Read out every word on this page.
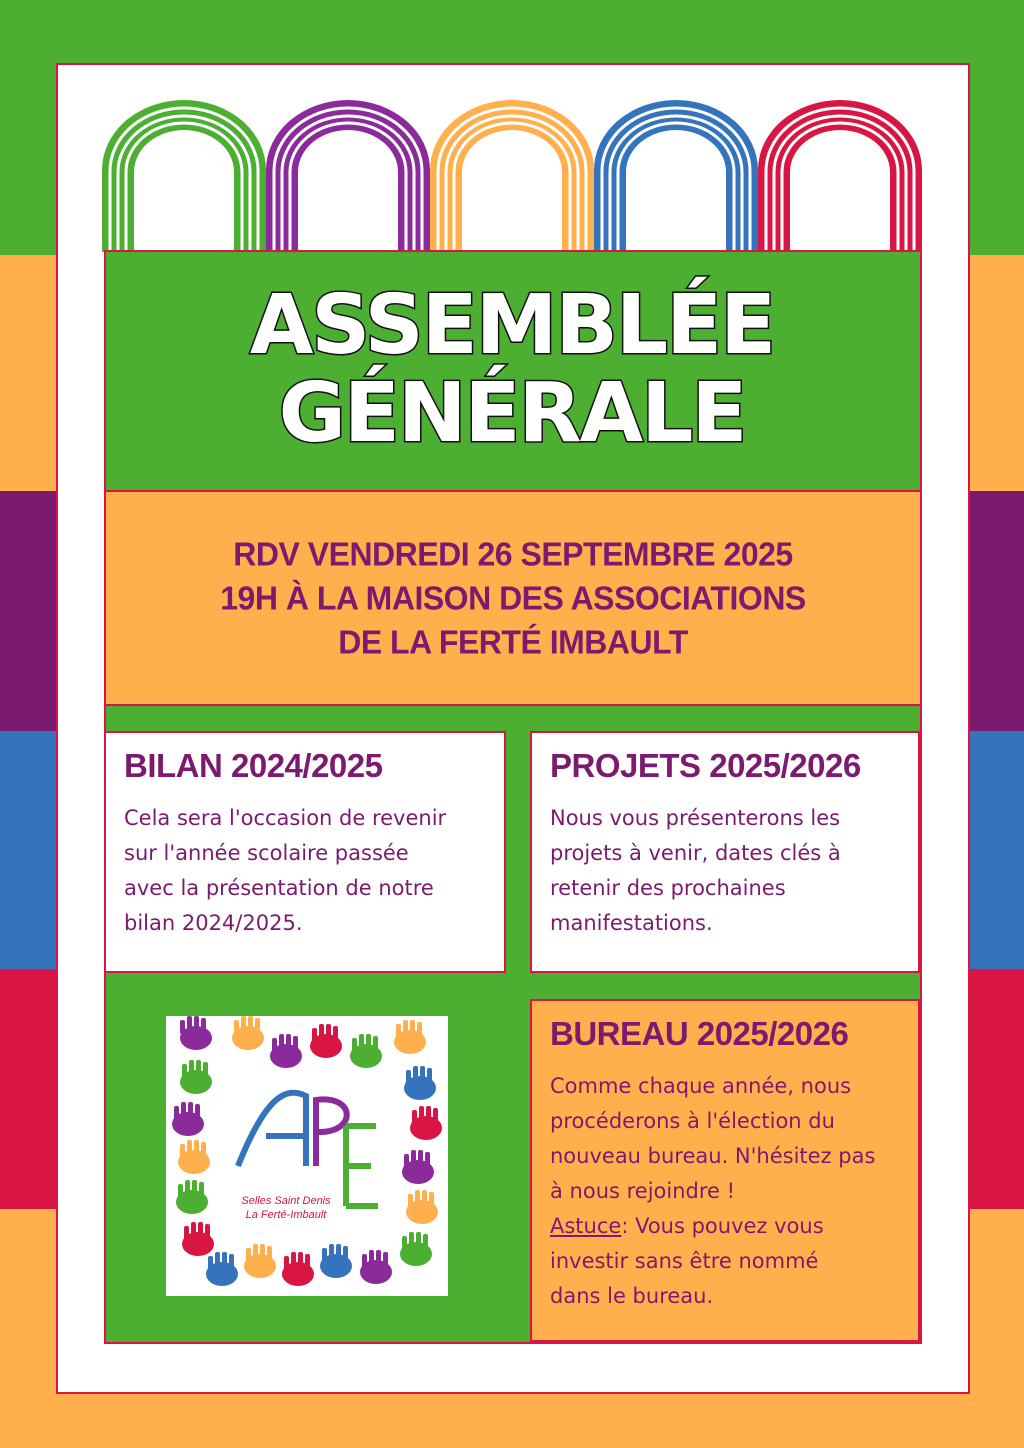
ASSEMBLÉE
GÉNÉRALE
RDV VENDREDI 26 SEPTEMBRE 2025
19H À LA MAISON DES ASSOCIATIONS
DE LA FERTÉ IMBAULT
BILAN 2024/2025
Cela sera l'occasion de revenir
sur l'année scolaire passée
avec la présentation de notre
bilan 2024/2025.
PROJETS 2025/2026
Nous vous présenterons les
projets à venir, dates clés à
retenir des prochaines
manifestations.
BUREAU 2025/2026
Comme chaque année, nous
procéderons à l'élection du
nouveau bureau. N'hésitez pas
à nous rejoindre !
Astuce: Vous pouvez vous
investir sans être nommé
dans le bureau.
Selles Saint Denis
La Ferté-Imbault
